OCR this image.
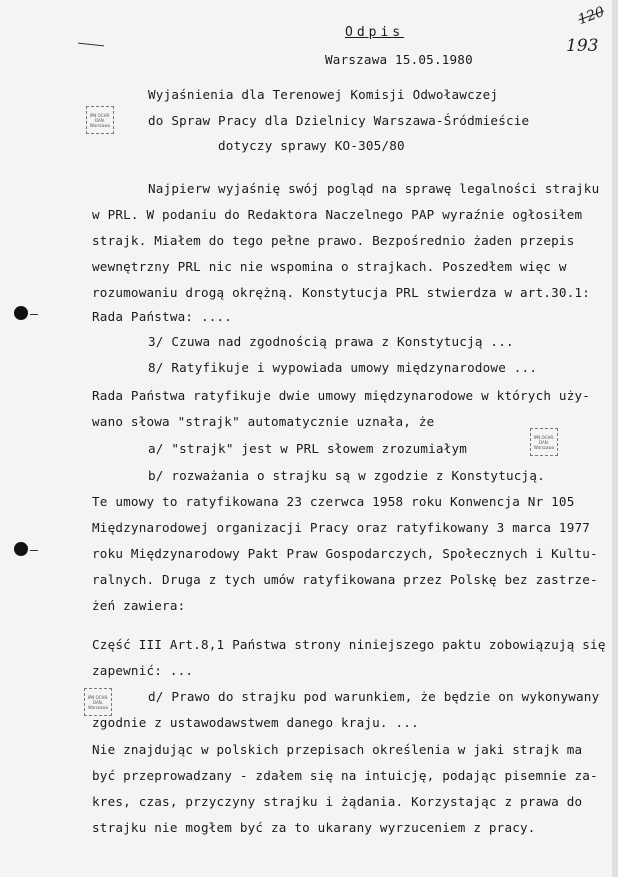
120
193
Odpis
Warszawa 15.05.1980
Wyjaśnienia dla Terenowej Komisji Odwoławczej
do Spraw Pracy dla Dzielnicy Warszawa-Śródmieście
dotyczy sprawy KO-305/80
IPN OCHR. DAN. Warszawa
IPN OCHR. DAN. Warszawa
IPN OCHR. DAN. Warszawa
Najpierw wyjaśnię swój pogląd na sprawę legalności strajku
w PRL. W podaniu do Redaktora Naczelnego PAP wyraźnie ogłosiłem
strajk. Miałem do tego pełne prawo. Bezpośrednio żaden przepis
wewnętrzny PRL nic nie wspomina o strajkach. Poszedłem więc w
rozumowaniu drogą okrężną. Konstytucja PRL stwierdza w art.30.1:
Rada Państwa: ....
3/ Czuwa nad zgodnością prawa z Konstytucją ...
8/ Ratyfikuje i wypowiada umowy międzynarodowe ...
Rada Państwa ratyfikuje dwie umowy międzynarodowe w których uży-
wano słowa "strajk" automatycznie uznała, że
a/ "strajk" jest w PRL słowem zrozumiałym
b/ rozważania o strajku są w zgodzie z Konstytucją.
Te umowy to ratyfikowana 23 czerwca 1958 roku Konwencja Nr 105
Międzynarodowej organizacji Pracy oraz ratyfikowany 3 marca 1977
roku Międzynarodowy Pakt Praw Gospodarczych, Społecznych i Kultu-
ralnych. Druga z tych umów ratyfikowana przez Polskę bez zastrze-
żeń zawiera:
Część III Art.8,1 Państwa strony niniejszego paktu zobowiązują się
zapewnić: ...
d/ Prawo do strajku pod warunkiem, że będzie on wykonywany
zgodnie z ustawodawstwem danego kraju. ...
Nie znajdując w polskich przepisach określenia w jaki strajk ma
być przeprowadzany - zdałem się na intuicję, podając pisemnie za-
kres, czas, przyczyny strajku i żądania. Korzystając z prawa do
strajku nie mogłem być za to ukarany wyrzuceniem z pracy.
